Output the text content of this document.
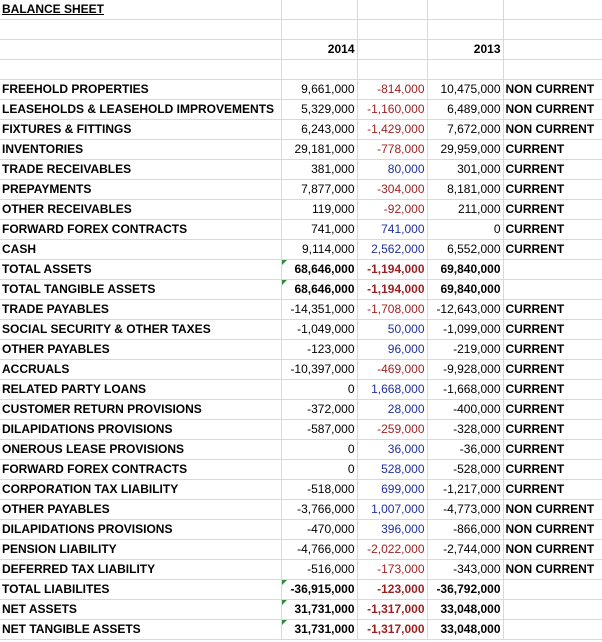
BALANCE SHEET				

	2014		2013	

FREEHOLD PROPERTIES	9,661,000	-814,000	10,475,000	NON CURRENT
LEASEHOLDS & LEASEHOLD IMPROVEMENTS	5,329,000	-1,160,000	6,489,000	NON CURRENT
FIXTURES & FITTINGS	6,243,000	-1,429,000	7,672,000	NON CURRENT
INVENTORIES	29,181,000	-778,000	29,959,000	CURRENT
TRADE RECEIVABLES	381,000	80,000	301,000	CURRENT
PREPAYMENTS	7,877,000	-304,000	8,181,000	CURRENT
OTHER RECEIVABLES	119,000	-92,000	211,000	CURRENT
FORWARD FOREX CONTRACTS	741,000	741,000	0	CURRENT
CASH	9,114,000	2,562,000	6,552,000	CURRENT
TOTAL ASSETS	68,646,000	-1,194,000	69,840,000	
TOTAL TANGIBLE ASSETS	68,646,000	-1,194,000	69,840,000	
TRADE PAYABLES	-14,351,000	-1,708,000	-12,643,000	CURRENT
SOCIAL SECURITY & OTHER TAXES	-1,049,000	50,000	-1,099,000	CURRENT
OTHER PAYABLES	-123,000	96,000	-219,000	CURRENT
ACCRUALS	-10,397,000	-469,000	-9,928,000	CURRENT
RELATED PARTY LOANS	0	1,668,000	-1,668,000	CURRENT
CUSTOMER RETURN PROVISIONS	-372,000	28,000	-400,000	CURRENT
DILAPIDATIONS PROVISIONS	-587,000	-259,000	-328,000	CURRENT
ONEROUS LEASE PROVISIONS	0	36,000	-36,000	CURRENT
FORWARD FOREX CONTRACTS	0	528,000	-528,000	CURRENT
CORPORATION TAX LIABILITY	-518,000	699,000	-1,217,000	CURRENT
OTHER PAYABLES	-3,766,000	1,007,000	-4,773,000	NON CURRENT
DILAPIDATIONS PROVISIONS	-470,000	396,000	-866,000	NON CURRENT
PENSION LIABILITY	-4,766,000	-2,022,000	-2,744,000	NON CURRENT
DEFERRED TAX LIABILITY	-516,000	-173,000	-343,000	NON CURRENT
TOTAL LIABILITES	-36,915,000	-123,000	-36,792,000	
NET ASSETS	31,731,000	-1,317,000	33,048,000	
NET TANGIBLE ASSETS	31,731,000	-1,317,000	33,048,000	
